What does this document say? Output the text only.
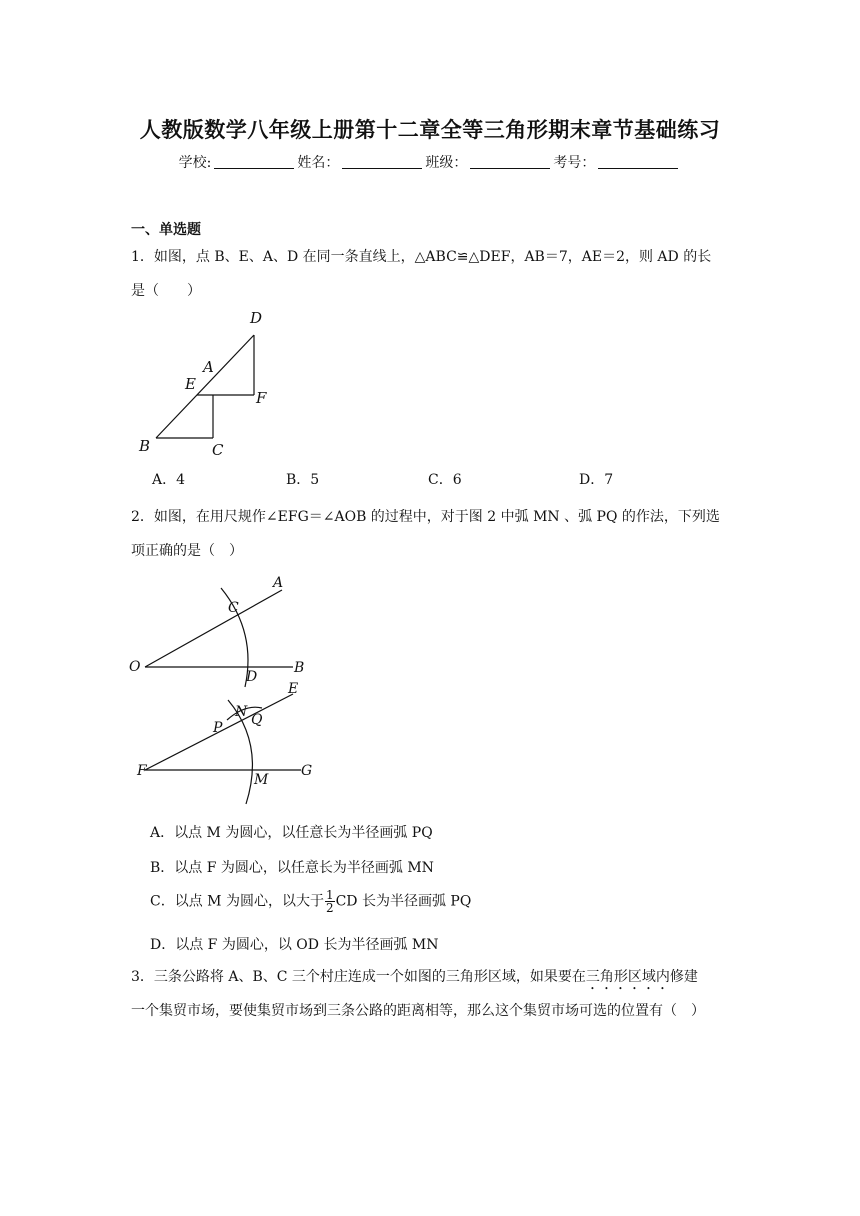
人教版数学八年级上册第十二章全等三角形期末章节基础练习
学校:	姓名：	班级：	考号：
一、单选题
1．如图，点 B、E、A、D 在同一条直线上，△ABC≌△DEF，AB＝7，AE＝2，则 AD 的长
是（　　）
D
A
E
F
B	C
A．4	B．5	C．6	D．7
2．如图，在用尺规作∠EFG＝∠AOB 的过程中，对于图 2 中弧 MN 、弧 PQ 的作法，下列选
项正确的是（　）
A
C
O
D
B
E
N
P Q
F
M
G
A．以点 M 为圆心，以任意长为半径画弧 PQ
B．以点 F 为圆心，以任意长为半径画弧 MN
C．以点 M 为圆心，以大于 $\frac{1}{2}$ CD 长为半径画弧 PQ
D．以点 F 为圆心，以 OD 长为半径画弧 MN
3．三条公路将 A、B、C 三个村庄连成一个如图的三角形区域，如果要在三角形区域内修建
一个集贸市场，要使集贸市场到三条公路的距离相等，那么这个集贸市场可选的位置有（　）
